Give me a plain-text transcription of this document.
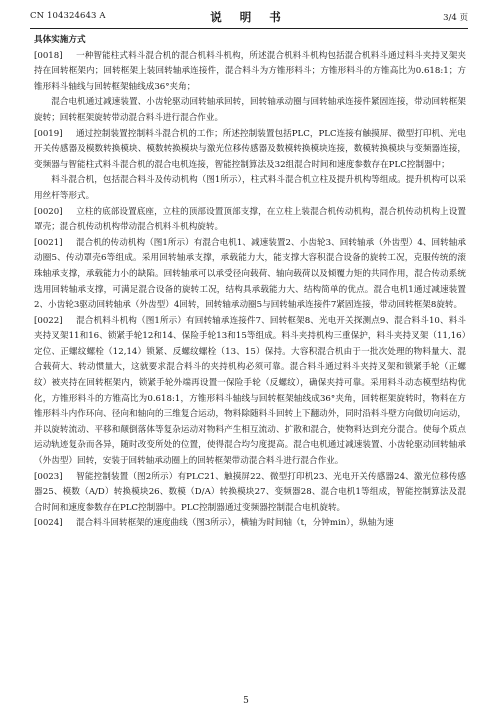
CN 104324643 A	说 明 书	3/4 页

具体实施方式

[0018] 一种智能柱式料斗混合机的混合机料斗机构，所述混合机料斗机构包括混合机料斗通过料斗夹持叉架夹持在回转框架内；回转框架上装回转轴承连接件，混合料斗为方锥形料斗；方锥形料斗的方锥高比为0.618:1；方锥形料斗轴线与回转框架轴线成36°夹角；

混合电机通过减速装置、小齿轮驱动回转轴承回转，回转轴承动圈与回转轴承连接件紧固连接，带动回转框架旋转；回转框架旋转带动混合料斗进行混合作业。

[0019] 通过控制装置控制料斗混合机的工作；所述控制装置包括PLC，PLC连接有触摸屏、微型打印机、光电开关传感器及模数转换模块、模数转换模块与激光位移传感器及数模转换模块连接，数模转换模块与变频器连接，变频器与智能柱式料斗混合机的混合电机连接，智能控制算法及32组混合时间和速度参数存在PLC控制器中；

料斗混合机，包括混合料斗及传动机构（图1所示），柱式料斗混合机立柱及提升机构等组成。提升机构可以采用丝杆等形式。

[0020] 立柱的底部设置底座，立柱的顶部设置顶部支撑，在立柱上装混合机传动机构，混合机传动机构上设置罩壳；混合机传动机构带动混合机料斗机构旋转。

[0021] 混合机的传动机构（图1所示）有混合电机1、减速装置2、小齿轮3、回转轴承（外齿型）4、回转轴承动圈5、传动罩壳6等组成。采用回转轴承支撑，承载能力大，能支撑大容积混合设备的旋转工况，克服传统的滚珠轴承支撑，承载能力小的缺陷。回转轴承可以承受径向载荷、轴向载荷以及倾覆力矩的共同作用，混合传动系统选用回转轴承支撑，可满足混合设备的旋转工况，结构具承载能力大、结构简单的优点。混合电机1通过减速装置2、小齿轮3驱动回转轴承（外齿型）4回转，回转轴承动圈5与回转轴承连接件7紧固连接，带动回转框架8旋转。

[0022] 混合机料斗机构（图1所示）有回转轴承连接件7、回转框架8、光电开关探测点9、混合料斗10、料斗夹持叉架11和16、锁紧手轮12和14、保险手轮13和15等组成。料斗夹持机构三重保护，料斗夹持叉架（11,16）定位、正螺纹螺栓（12,14）锁紧、反螺纹螺栓（13、15）保持。大容积混合机由于一批次处理的物料量大、混合载荷大、转动惯量大，这就要求混合料斗的夹持机构必须可靠。混合料斗通过料斗夹持叉架和锁紧手轮（正螺纹）被夹持在回转框架内，锁紧手轮外端再设置一保险手轮（反螺纹），确保夹持可靠。采用料斗动态模型结构优化，方锥形料斗的方锥高比为0.618:1，方锥形料斗轴线与回转框架轴线成36°夹角，回转框架旋转时，物料在方锥形料斗内作环向、径向和轴向的三维复合运动，物料除随料斗回转上下翻动外，同时沿料斗壁方向做切向运动，并以旋转流动、平移和颠倒落体等复杂运动对物料产生相互流动、扩散和混合，使物料达到充分混合。使每个质点运动轨迹复杂而各异，随时改变所处的位置，使得混合均匀度提高。混合电机通过减速装置、小齿轮驱动回转轴承（外齿型）回转，安装于回转轴承动圈上的回转框架带动混合料斗进行混合作业。

[0023] 智能控制装置（图2所示）有PLC21、触摸屏22、微型打印机23、光电开关传感器24、激光位移传感器25、模数（A/D）转换模块26、数模（D/A）转换模块27、变频器28、混合电机1等组成，智能控制算法及混合时间和速度参数存在PLC控制器中。PLC控制器通过变频器控制混合电机旋转。

[0024] 混合料斗回转框架的速度曲线（图3所示），横轴为时间轴（t，分钟min），纵轴为速

5
